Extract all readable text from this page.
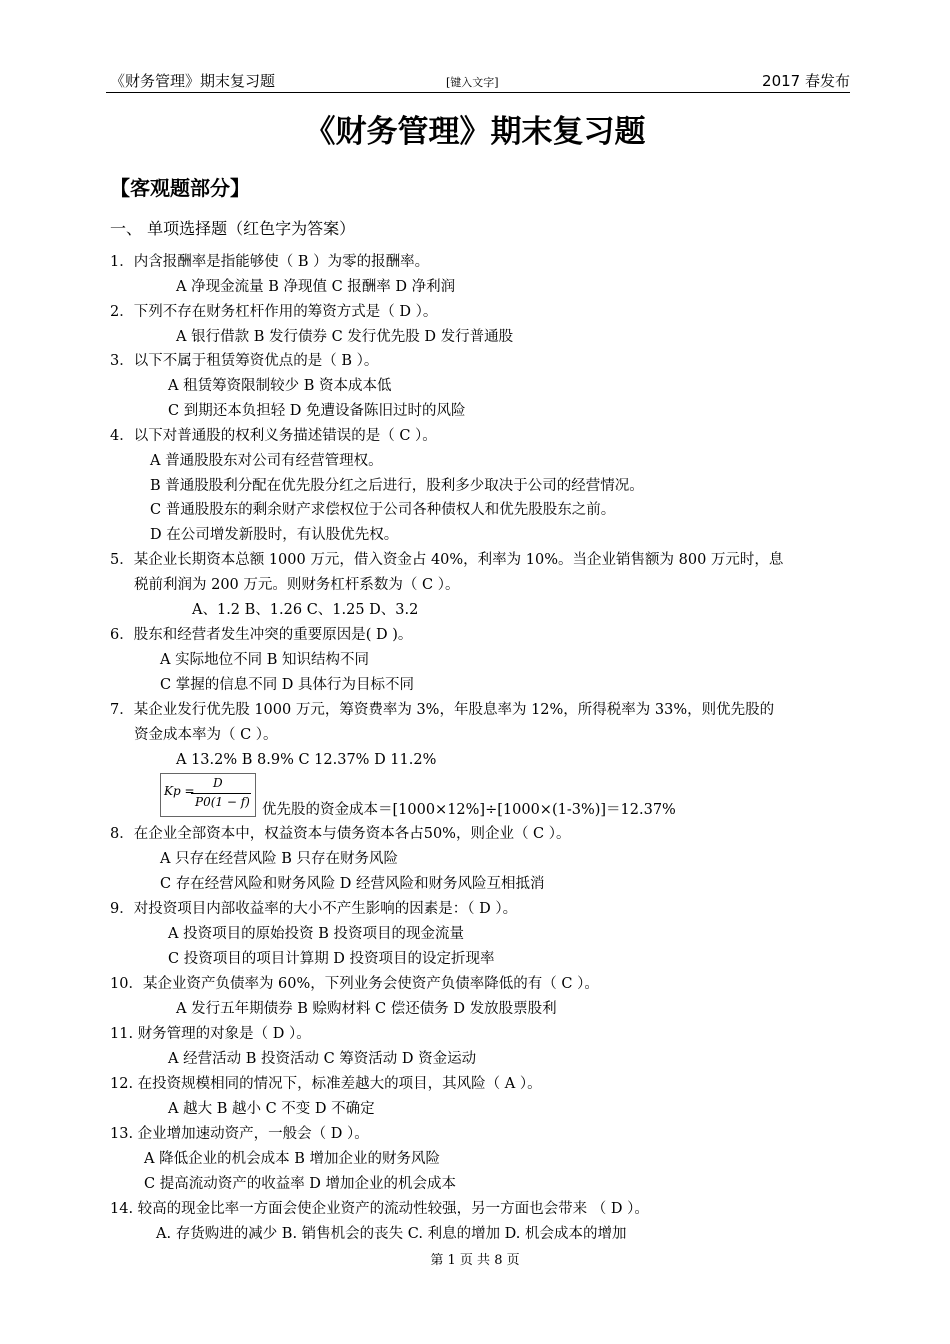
《财务管理》期末复习题	[键入文字]	2017 春发布
《财务管理》期末复习题
【客观题部分】
一、 单项选择题（红色字为答案）
1．内含报酬率是指能够使（ B ）为零的报酬率。
A 净现金流量 B 净现值 C 报酬率 D 净利润
2．下列不存在财务杠杆作用的筹资方式是（ D ）。
A 银行借款 B 发行债券 C 发行优先股 D 发行普通股
3．以下不属于租赁筹资优点的是（ B ）。
A 租赁筹资限制较少 B 资本成本低
C 到期还本负担轻 D 免遭设备陈旧过时的风险
4．以下对普通股的权利义务描述错误的是（ C ）。
A 普通股股东对公司有经营管理权。
B 普通股股利分配在优先股分红之后进行，股利多少取决于公司的经营情况。
C 普通股股东的剩余财产求偿权位于公司各种债权人和优先股股东之前。
D 在公司增发新股时，有认股优先权。
5．某企业长期资本总额 1000 万元，借入资金占 40%，利率为 10%。当企业销售额为 800 万元时，息
税前利润为 200 万元。则财务杠杆系数为（ C ）。
A、1.2 B、1.26 C、1.25 D、3.2
6．股东和经营者发生冲突的重要原因是( D )。
A 实际地位不同 B 知识结构不同
C 掌握的信息不同 D 具体行为目标不同
7．某企业发行优先股 1000 万元，筹资费率为 3%，年股息率为 12%，所得税率为 33%，则优先股的
资金成本率为（ C ）。
A 13.2% B 8.9% C 12.37% D 11.2%
Kp =
D
P0(1 − f) 优先股的资金成本＝[1000×12%]÷[1000×(1-3%)]＝12.37%
8．在企业全部资本中，权益资本与债务资本各占50%，则企业（ C ）。
A 只存在经营风险 B 只存在财务风险
C 存在经营风险和财务风险 D 经营风险和财务风险互相抵消
9．对投资项目内部收益率的大小不产生影响的因素是：（ D ）。
A 投资项目的原始投资 B 投资项目的现金流量
C 投资项目的项目计算期 D 投资项目的设定折现率
10．某企业资产负债率为 60%，下列业务会使资产负债率降低的有（ C ）。
A 发行五年期债券 B 赊购材料 C 偿还债务 D 发放股票股利
11. 财务管理的对象是（ D ）。
A 经营活动 B 投资活动 C 筹资活动 D 资金运动
12. 在投资规模相同的情况下，标准差越大的项目，其风险（ A ）。
A 越大 B 越小 C 不变 D 不确定
13. 企业增加速动资产，一般会（ D ）。
A 降低企业的机会成本 B 增加企业的财务风险
C 提高流动资产的收益率 D 增加企业的机会成本
14. 较高的现金比率一方面会使企业资产的流动性较强，另一方面也会带来 （ D ）。
A. 存货购进的减少 B. 销售机会的丧失 C. 利息的增加 D. 机会成本的增加
第 1 页 共 8 页
